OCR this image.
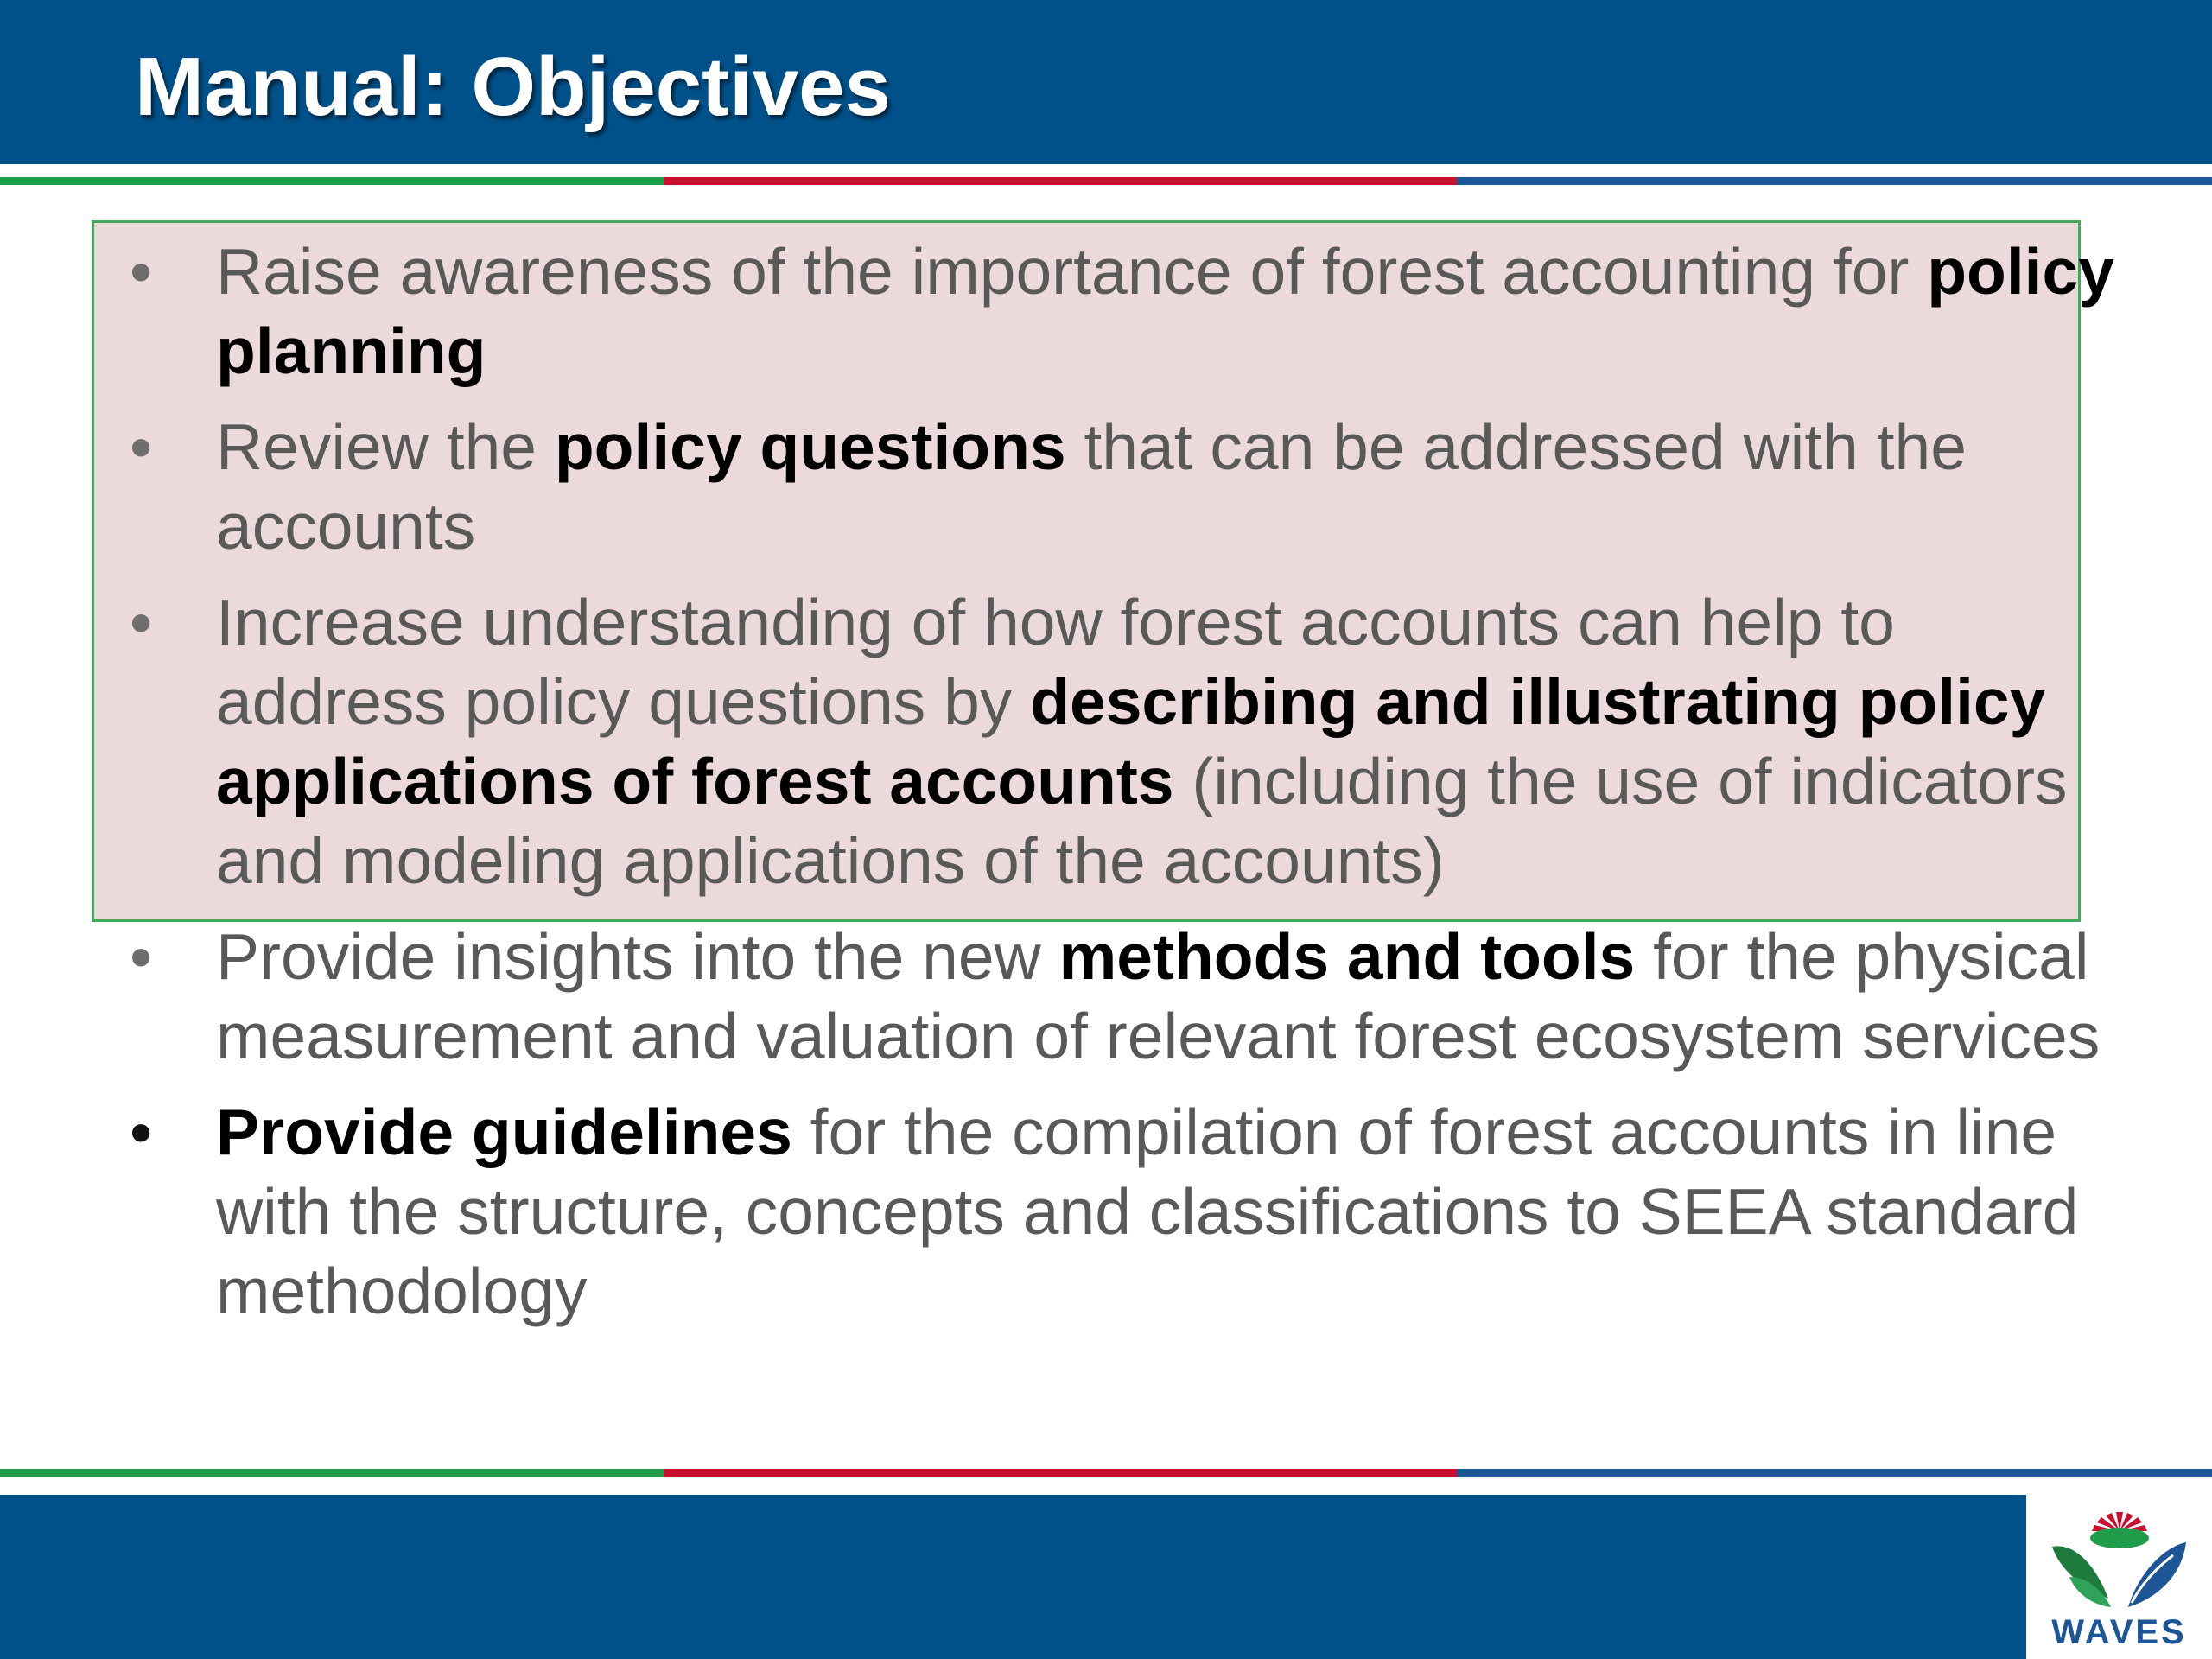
Manual: Objectives
• Raise awareness of the importance of forest accounting for policy planning
• Review the policy questions that can be addressed with the accounts
• Increase understanding of how forest accounts can help to address policy questions by describing and illustrating policy applications of forest accounts (including the use of indicators and modeling applications of the accounts)
• Provide insights into the new methods and tools for the physical measurement and valuation of relevant forest ecosystem services
• Provide guidelines for the compilation of forest accounts in line with the structure, concepts and classifications to SEEA standard methodology
WAVES
